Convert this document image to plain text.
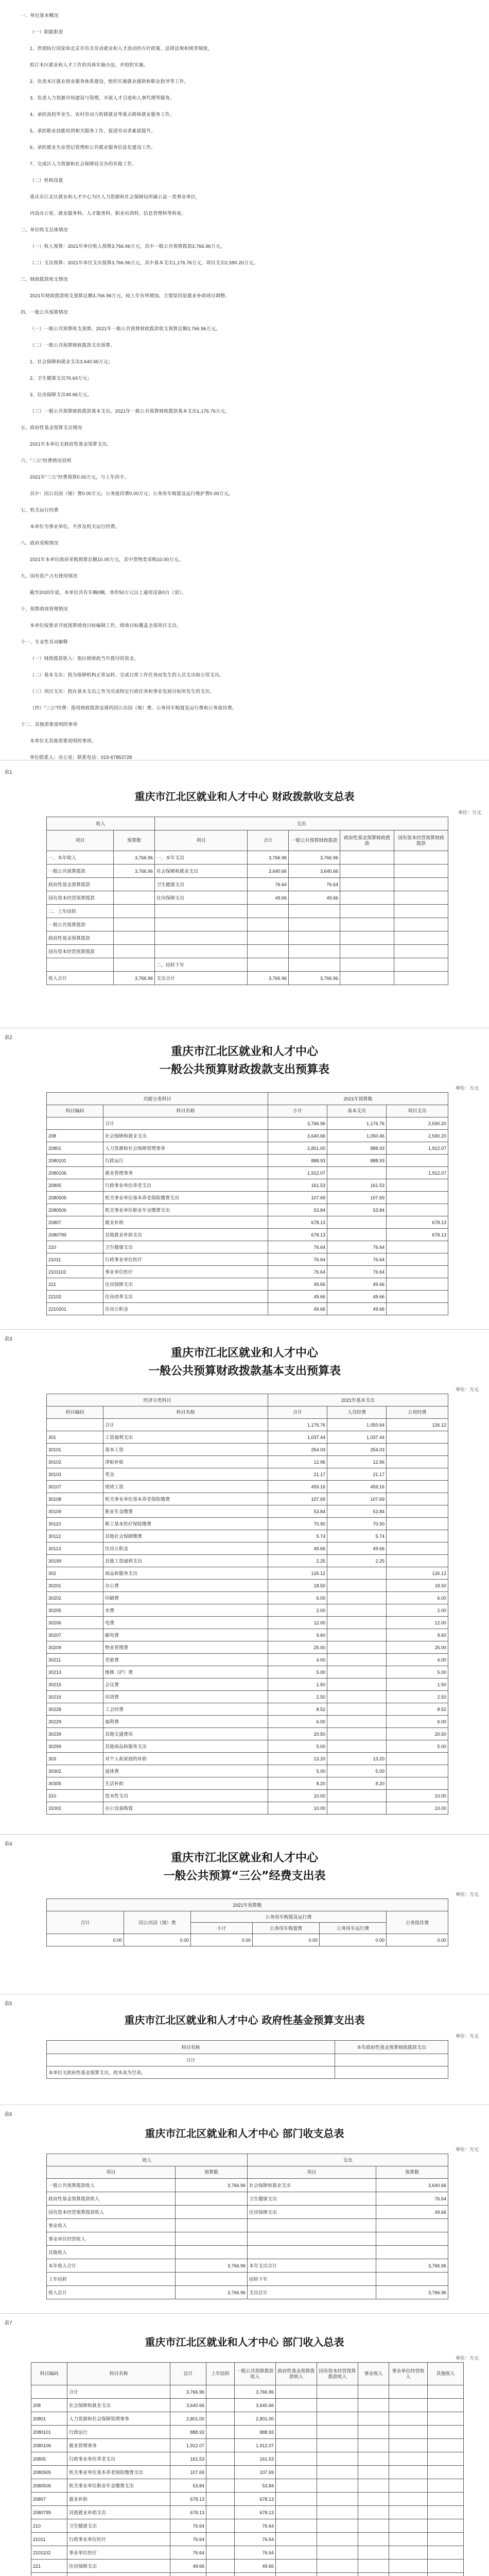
一、单位基本概况

（一）职能职责

1、贯彻执行国家和北京市有关劳动就业和人才流动的方针政策、法律法规和规章制度，

拟订本区就业和人才工作的具体实施办法，并组织实施。

2、负责本区就业创业服务体系建设，组织实施就业援助和职业指导等工作。

3、负责人力资源市场建设与管理，开展人才引进和人事代理等服务。

4、承担高校毕业生、农村劳动力转移就业等重点群体就业服务工作。

5、承担职业技能培训相关服务工作，促进劳动者素质提升。

6、承担就业失业登记管理和公共就业服务信息化建设工作。

7、完成区人力资源和社会保障局交办的其他工作。

（二）机构设置

重庆市江北区就业和人才中心为区人力资源和社会保障局所属公益一类事业单位，

内设办公室、就业服务科、人才服务科、职业培训科、信息管理科等科室。

二、单位收支总体情况

（一）收入预算：2021年单位收入预算3,766.96万元，其中一般公共预算拨款3,766.96万元。

（二）支出预算：2021年单位支出预算3,766.96万元，其中基本支出1,176.76万元，项目支出2,590.20万元。

三、财政拨款收支情况

2021年财政拨款收支预算总额3,766.96万元，较上年有所增加，主要原因是就业补助项目调整。

四、一般公共预算情况

（一）一般公共预算收支预算。2021年一般公共预算财政拨款收支预算总额3,766.96万元。

（二）一般公共预算财政拨款支出预算。

1、社会保障和就业支出3,640.66万元；

2、卫生健康支出76.64万元；

3、住房保障支出49.66万元。

（三）一般公共预算财政拨款基本支出。2021年一般公共预算财政拨款基本支出1,176.76万元。

五、政府性基金预算支出情况

2021年本单位无政府性基金预算支出。

六、“三公”经费情况说明

2021年“三公”经费预算0.00万元，与上年持平。

其中：因公出国（境）费0.00万元；公务接待费0.00万元；公务用车购置及运行维护费0.00万元。

七、机关运行经费

本单位为事业单位，不涉及机关运行经费。

八、政府采购情况

2021年本单位政府采购预算总额10.00万元，其中货物类采购10.00万元。

九、国有资产占有使用情况

截至2020年底，本单位共有车辆0辆，单价50万元以上通用设备0台（套）。

十、预算绩效管理情况

本单位按要求开展预算绩效目标编制工作，绩效目标覆盖全部项目支出。

十一、专业性名词解释

（一）财政拨款收入：指区级财政当年拨付的资金。

（二）基本支出：指为保障机构正常运转、完成日常工作任务而发生的人员支出和公用支出。

（三）项目支出：指在基本支出之外为完成特定行政任务和事业发展目标所发生的支出。

（四）“三公”经费：指用财政拨款安排的因公出国（境）费、公务用车购置及运行费和公务接待费。

十二、其他需要说明的事项

本单位无其他需要说明的事项。

单位联系人：办公室；联系电话：023-67853728

表1
重庆市江北区就业和人才中心 财政拨款收支总表
单位：万元
收入		支出				
项目	预算数	项目	合计	一般公共预算财政拨款	政府性基金预算财政拨款	国有资本经营预算财政拨款
一、本年收入	3,766.96	一、本年支出	3,766.96	3,766.96		
一般公共预算拨款	3,766.96	社会保障和就业支出	3,640.66	3,640.66		
政府性基金预算拨款		卫生健康支出	76.64	76.64		
国有资本经营预算拨款		住房保障支出	49.66	49.66		
二、上年结转						
一般公共预算拨款						
政府性基金预算拨款						
国有资本经营预算拨款						
		二、结转下年				
收入合计	3,766.96	支出合计	3,766.96	3,766.96		
表2
重庆市江北区就业和人才中心
一般公共预算财政拨款支出预算表
单位：万元
功能分类科目		2021年预算数		
科目编码	科目名称	小计	基本支出	项目支出
	合计	3,766.96	1,176.76	2,590.20
208	社会保障和就业支出	3,640.66	1,050.46	2,590.20
20801	人力资源和社会保障管理事务	2,801.00	888.93	1,912.07
2080101	行政运行	888.93	888.93	
2080106	就业管理事务	1,912.07		1,912.07
20805	行政事业单位养老支出	161.53	161.53	
2080505	机关事业单位基本养老保险缴费支出	107.69	107.69	
2080506	机关事业单位职业年金缴费支出	53.84	53.84	
20807	就业补助	678.13		678.13
2080799	其他就业补助支出	678.13		678.13
210	卫生健康支出	76.64	76.64	
21011	行政事业单位医疗	76.64	76.64	
2101102	事业单位医疗	76.64	76.64	
221	住房保障支出	49.66	49.66	
22102	住房改革支出	49.66	49.66	
2210201	住房公积金	49.66	49.66	
表3
重庆市江北区就业和人才中心
一般公共预算财政拨款基本支出预算表
单位：万元
经济分类科目		2021年基本支出		
科目编码	科目名称	合计	人员经费	公用经费
	合计	1,176.76	1,050.64	126.12
301	工资福利支出	1,037.44	1,037.44	
30101	基本工资	254.03	254.03	
30102	津贴补贴	12.96	12.96	
30103	奖金	21.17	21.17	
30107	绩效工资	459.16	459.16	
30108	机关事业单位基本养老保险缴费	107.69	107.69	
30109	职业年金缴费	53.84	53.84	
30110	职工基本医疗保险缴费	70.90	70.90	
30112	其他社会保障缴费	5.74	5.74	
30113	住房公积金	49.66	49.66	
30199	其他工资福利支出	2.25	2.25	
302	商品和服务支出	126.12		126.12
30201	办公费	18.50		18.50
30202	印刷费	6.00		6.00
30205	水费	2.00		2.00
30206	电费	12.00		12.00
30207	邮电费	9.60		9.60
30209	物业管理费	25.00		25.00
30211	差旅费	4.00		4.00
30213	维修（护）费	5.00		5.00
30215	会议费	1.50		1.50
30216	培训费	2.50		2.50
30228	工会经费	8.52		8.52
30229	福利费	6.00		6.00
30239	其他交通费用	20.50		20.50
30299	其他商品和服务支出	5.00		5.00
303	对个人和家庭的补助	13.20	13.20	
30302	退休费	5.00	5.00	
30305	生活补助	8.20	8.20	
310	资本性支出	10.00		10.00
31002	办公设备购置	10.00		10.00
表4
重庆市江北区就业和人才中心
一般公共预算“三公”经费支出表
单位：万元
2021年预算数					
合计	因公出国（境）费	公务用车购置及运行费			公务接待费
		小计	公务用车购置费	公务用车运行费	
0.00	0.00	0.00	0.00	0.00	0.00
表5
重庆市江北区就业和人才中心 政府性基金预算支出表
单位：万元
科目名称	本年政府性基金预算财政拨款支出
合计	
本单位无政府性基金预算支出，故本表为空表。	
表6
重庆市江北区就业和人才中心 部门收支总表
单位：万元
收入		支出	
项目	预算数	项目	预算数
一般公共预算拨款收入	3,766.96	社会保障和就业支出	3,640.66
政府性基金预算拨款收入		卫生健康支出	76.64
国有资本经营预算拨款收入		住房保障支出	49.66
事业收入			
事业单位经营收入			
其他收入			
本年收入合计	3,766.96	本年支出合计	3,766.96
上年结转		结转下年	
收入总计	3,766.96	支出总计	3,766.96
表7
重庆市江北区就业和人才中心 部门收入总表
单位：万元
科目编码	科目名称	总计	上年结转	一般公共预算拨款收入	政府性基金预算拨款收入	国有资本经营预算拨款收入	事业收入	事业单位经营收入	其他收入
	合计	3,766.96		3,766.96					
208	社会保障和就业支出	3,640.66		3,640.66					
20801	人力资源和社会保障管理事务	2,801.00		2,801.00					
2080101	行政运行	888.93		888.93					
2080106	就业管理事务	1,912.07		1,912.07					
20805	行政事业单位养老支出	161.53		161.53					
2080505	机关事业单位基本养老保险缴费支出	107.69		107.69					
2080506	机关事业单位职业年金缴费支出	53.84		53.84					
20807	就业补助	678.13		678.13					
2080799	其他就业补助支出	678.13		678.13					
210	卫生健康支出	76.64		76.64					
21011	行政事业单位医疗	76.64		76.64					
2101102	事业单位医疗	76.64		76.64					
221	住房保障支出	49.66		49.66					
